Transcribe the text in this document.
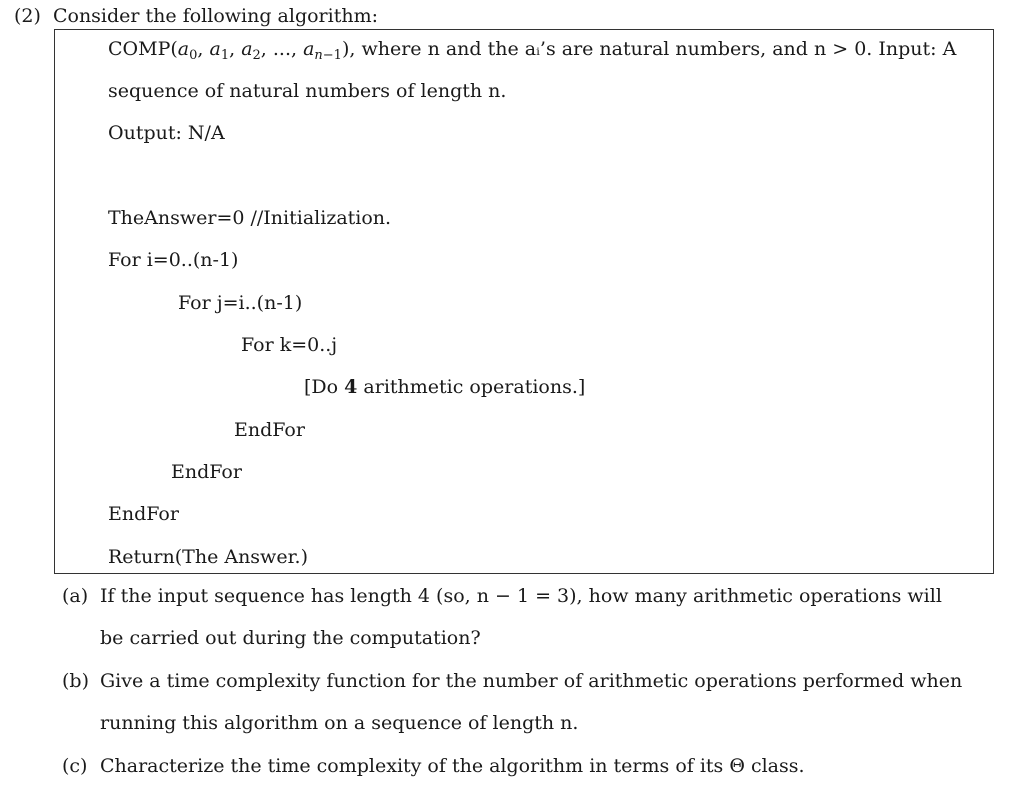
(2) Consider the following algorithm:
$COMP(a_0$, $a_1$, $a_2$, ..., $a_{n-1}$), where n and the aᵢ’s are natural numbers, and n > 0. Input: A
sequence of natural numbers of length n.
Output: N/A
TheAnswer=0 //Initialization.
For i=0..(n-1)
For j=i..(n-1)
For k=0..j
[Do 4 arithmetic operations.]
EndFor
EndFor
EndFor
Return(The Answer.)
(a) If the input sequence has length 4 (so, n − 1 = 3), how many arithmetic operations will
be carried out during the computation?
(b) Give a time complexity function for the number of arithmetic operations performed when
running this algorithm on a sequence of length n.
(c) Characterize the time complexity of the algorithm in terms of its Θ class.
